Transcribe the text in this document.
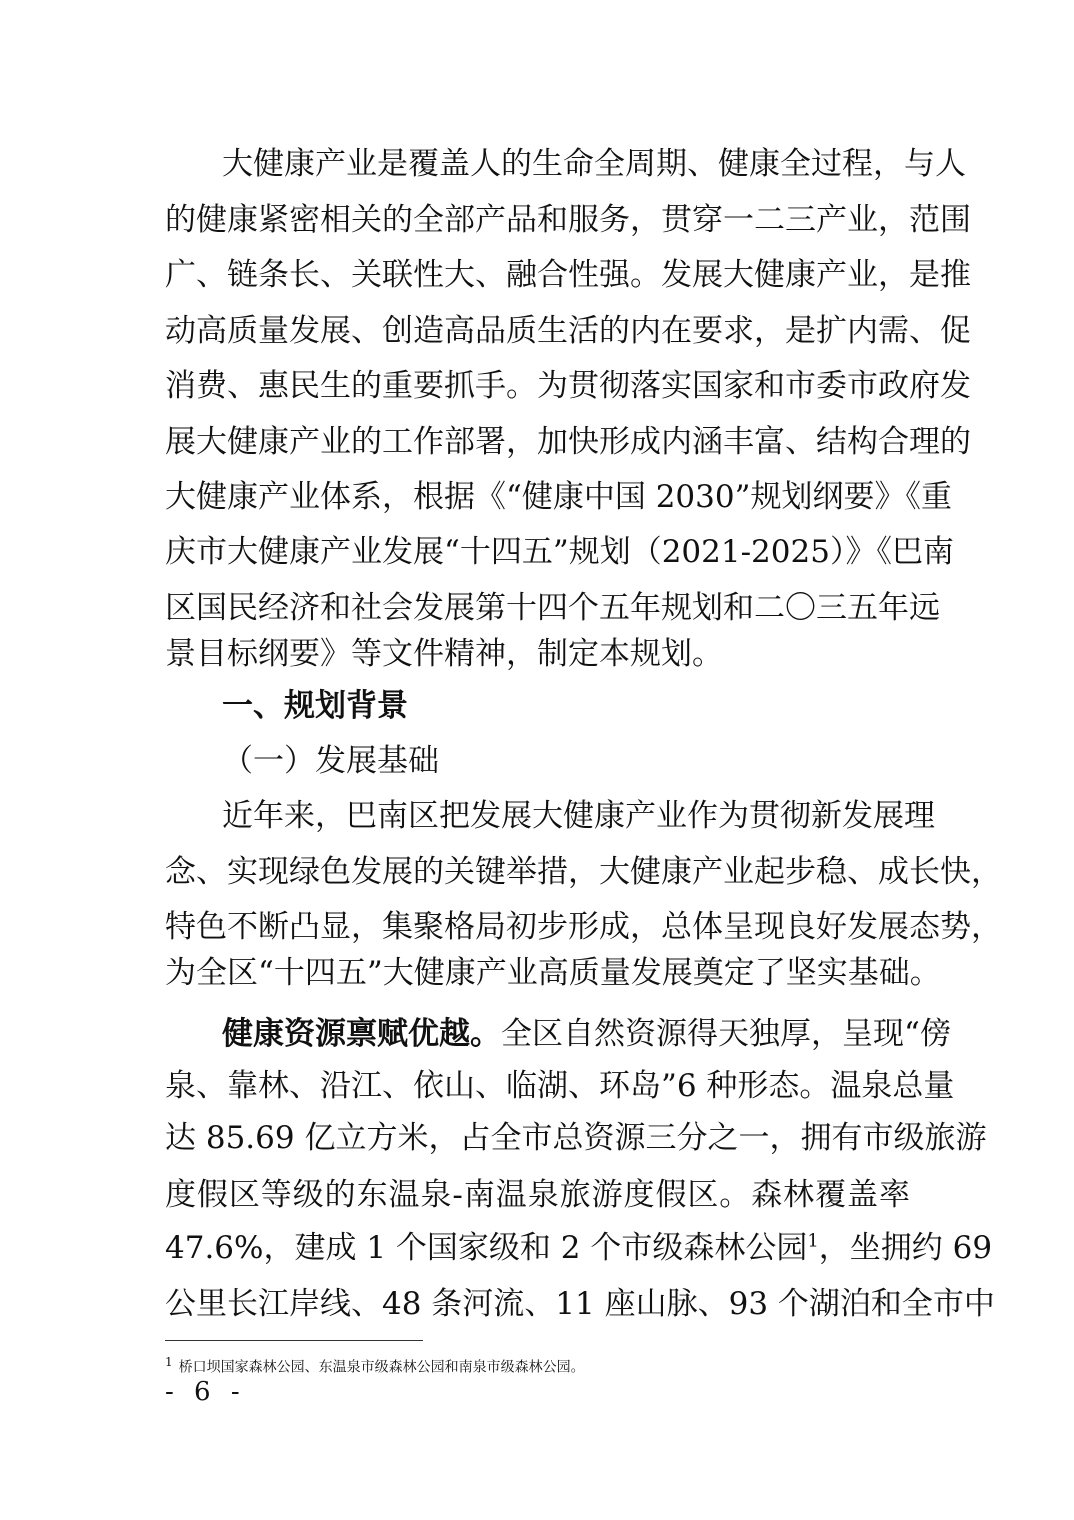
大健康产业是覆盖人的生命全周期、健康全过程，与人
的健康紧密相关的全部产品和服务，贯穿一二三产业，范围
广、链条长、关联性大、融合性强。发展大健康产业，是推
动高质量发展、创造高品质生活的内在要求，是扩内需、促
消费、惠民生的重要抓手。为贯彻落实国家和市委市政府发
展大健康产业的工作部署，加快形成内涵丰富、结构合理的
大健康产业体系，根据《“健康中国 2030”规划纲要》《重
庆市大健康产业发展“十四五”规划（2021-2025）》《巴南
区国民经济和社会发展第十四个五年规划和二〇三五年远
景目标纲要》等文件精神，制定本规划。
一、规划背景
（一）发展基础
近年来，巴南区把发展大健康产业作为贯彻新发展理
念、实现绿色发展的关键举措，大健康产业起步稳、成长快，
特色不断凸显，集聚格局初步形成，总体呈现良好发展态势，
为全区“十四五”大健康产业高质量发展奠定了坚实基础。
健康资源禀赋优越。全区自然资源得天独厚，呈现“傍
泉、靠林、沿江、依山、临湖、环岛”6 种形态。温泉总量
达 85.69 亿立方米，占全市总资源三分之一，拥有市级旅游
度假区等级的东温泉-南温泉旅游度假区。森林覆盖率
47.6%，建成 1 个国家级和 2 个市级森林公园$^1$，坐拥约 69
公里长江岸线、48 条河流、11 座山脉、93 个湖泊和全市中
1 桥口坝国家森林公园、东温泉市级森林公园和南泉市级森林公园。
- 6 -
